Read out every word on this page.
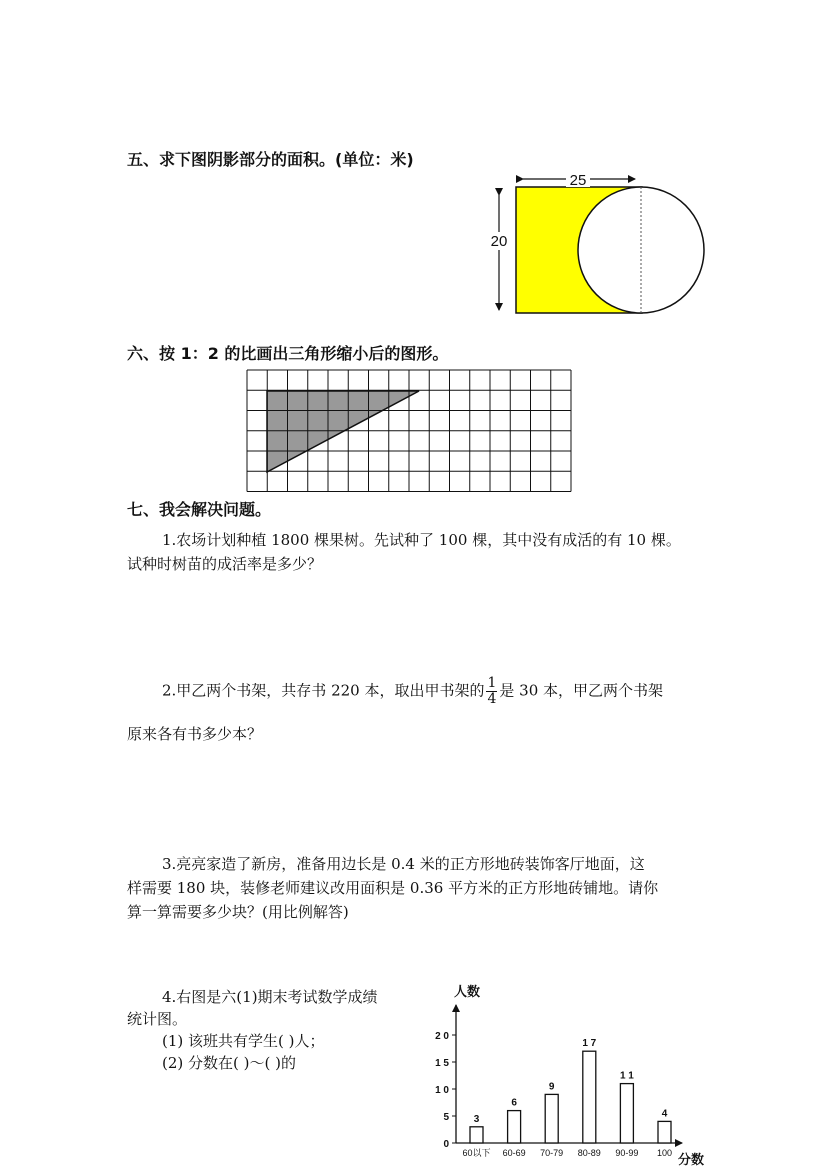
五、求下图阴影部分的面积。(单位：米)
25
20
六、按 1：2 的比画出三角形缩小后的图形。
七、我会解决问题。
1.农场计划种植 1800 棵果树。先试种了 100 棵，其中没有成活的有 10 棵。
试种时树苗的成活率是多少？
2.甲乙两个书架，共存书 220 本，取出甲书架的 $\frac{1}{4}$ 是 30 本，甲乙两个书架
原来各有书多少本？
3.亮亮家造了新房，准备用边长是 0.4 米的正方形地砖装饰客厅地面，这
样需要 180 块，装修老师建议改用面积是 0.36 平方米的正方形地砖铺地。请你
算一算需要多少块？(用比例解答)
4.右图是六(1)期末考试数学成绩
统计图。
(1) 该班共有学生( )人；
(2) 分数在( )～( )的
人数
分数
0
5
1 0
1 5
2 0
3
60以下
6
60-69
9
70-79
1 7
80-89
1 1
90-99
4
100
